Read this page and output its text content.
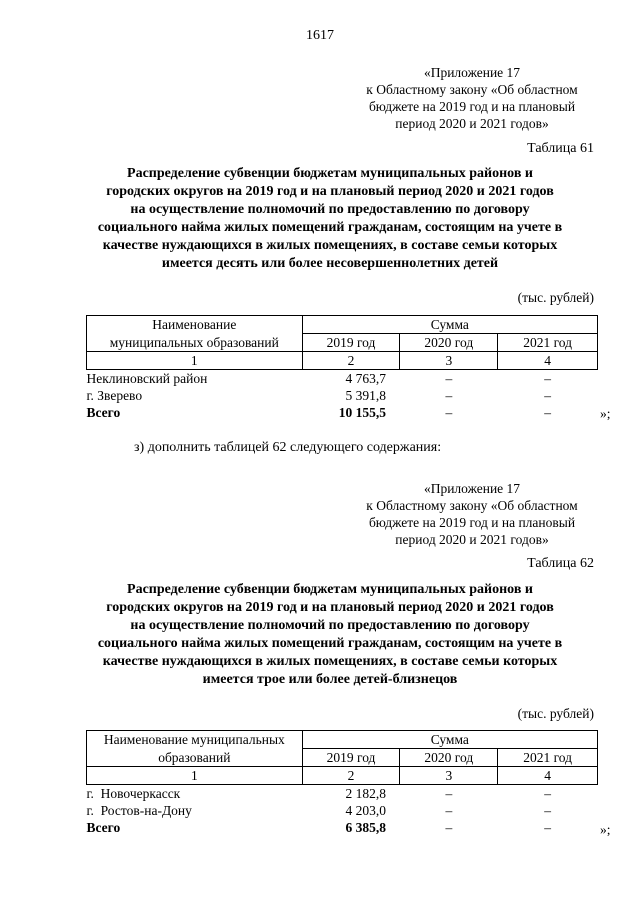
1617
«Приложение 17
к Областному закону «Об областном
бюджете на 2019 год и на плановый
период 2020 и 2021 годов»
Таблица 61
Распределение субвенции бюджетам муниципальных районов и
городских округов на 2019 год и на плановый период 2020 и 2021 годов
на осуществление полномочий по предоставлению по договору
социального найма жилых помещений гражданам, состоящим на учете в
качестве нуждающихся в жилых помещениях, в составе семьи которых
имеется десять или более несовершеннолетних детей
(тыс. рублей)
Наименование	Сумма		
муниципальных образований	2019 год	2020 год	2021 год
1	2	3	4
Неклиновский район	4 763,7	–	–
г. Зверево	5 391,8	–	–
Всего	10 155,5	–	–	»;
з) дополнить таблицей 62 следующего содержания:
«Приложение 17
к Областному закону «Об областном
бюджете на 2019 год и на плановый
период 2020 и 2021 годов»
Таблица 62
Распределение субвенции бюджетам муниципальных районов и
городских округов на 2019 год и на плановый период 2020 и 2021 годов
на осуществление полномочий по предоставлению по договору
социального найма жилых помещений гражданам, состоящим на учете в
качестве нуждающихся в жилых помещениях, в составе семьи которых
имеется трое или более детей-близнецов
(тыс. рублей)
Наименование муниципальных	Сумма		
образований	2019 год	2020 год	2021 год
1	2	3	4
г.  Новочеркасск	2 182,8	–	–
г.  Ростов-на-Дону	4 203,0	–	–
Всего	6 385,8	–	–	»;
